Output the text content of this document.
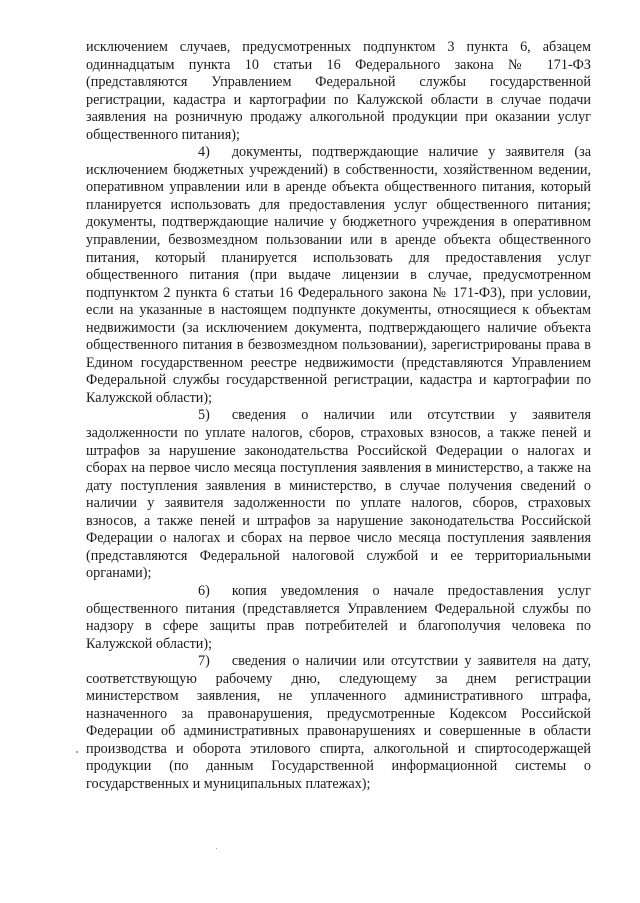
исключением случаев, предусмотренных подпунктом 3 пункта 6, абзацем одиннадцатым пункта 10 статьи 16 Федерального закона № 171-ФЗ (представляются Управлением Федеральной службы государственной регистрации, кадастра и картографии по Калужской области в случае подачи заявления на розничную продажу алкогольной продукции при оказании услуг общественного питания);

4) документы, подтверждающие наличие у заявителя (за исключением бюджетных учреждений) в собственности, хозяйственном ведении, оперативном управлении или в аренде объекта общественного питания, который планируется использовать для предоставления услуг общественного питания; документы, подтверждающие наличие у бюджетного учреждения в оперативном управлении, безвозмездном пользовании или в аренде объекта общественного питания, который планируется использовать для предоставления услуг общественного питания (при выдаче лицензии в случае, предусмотренном подпунктом 2 пункта 6 статьи 16 Федерального закона № 171-ФЗ), при условии, если на указанные в настоящем подпункте документы, относящиеся к объектам недвижимости (за исключением документа, подтверждающего наличие объекта общественного питания в безвозмездном пользовании), зарегистрированы права в Едином государственном реестре недвижимости (представляются Управлением Федеральной службы государственной регистрации, кадастра и картографии по Калужской области);

5) сведения о наличии или отсутствии у заявителя задолженности по уплате налогов, сборов, страховых взносов, а также пеней и штрафов за нарушение законодательства Российской Федерации о налогах и сборах на первое число месяца поступления заявления в министерство, а также на дату поступления заявления в министерство, в случае получения сведений о наличии у заявителя задолженности по уплате налогов, сборов, страховых взносов, а также пеней и штрафов за нарушение законодательства Российской Федерации о налогах и сборах на первое число месяца поступления заявления (представляются Федеральной налоговой службой и ее территориальными органами);

6) копия уведомления о начале предоставления услуг общественного питания (представляется Управлением Федеральной службы по надзору в сфере защиты прав потребителей и благополучия человека по Калужской области);

7) сведения о наличии или отсутствии у заявителя на дату, соответствующую рабочему дню, следующему за днем регистрации министерством заявления, не уплаченного административного штрафа, назначенного за правонарушения, предусмотренные Кодексом Российской Федерации об административных правонарушениях и совершенные в области производства и оборота этилового спирта, алкогольной и спиртосодержащей продукции (по данным Государственной информационной системы о государственных и муниципальных платежах);
